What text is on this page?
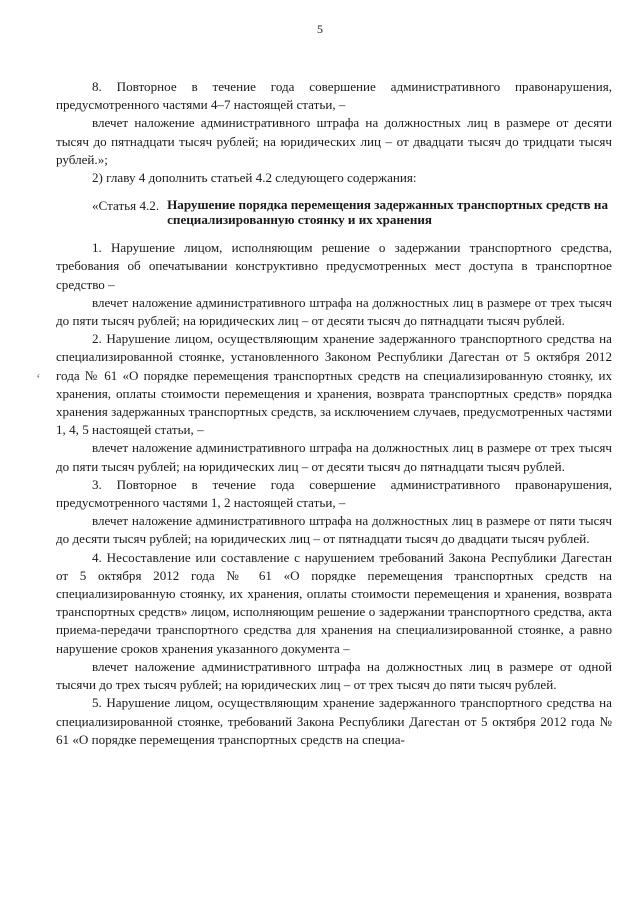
5
‘

8. Повторное в течение года совершение административного правонарушения, предусмотренного частями 4–7 настоящей статьи, –

влечет наложение административного штрафа на должностных лиц в размере от десяти тысяч до пятнадцати тысяч рублей; на юридических лиц – от двадцати тысяч до тридцати тысяч рублей.»;

2) главу 4 дополнить статьей 4.2 следующего содержания:

«Статья 4.2. Нарушение порядка перемещения задержанных транспортных средств на специализированную стоянку и их хранения

1. Нарушение лицом, исполняющим решение о задержании транспортного средства, требования об опечатывании конструктивно предусмотренных мест доступа в транспортное средство –

влечет наложение административного штрафа на должностных лиц в размере от трех тысяч до пяти тысяч рублей; на юридических лиц – от десяти тысяч до пятнадцати тысяч рублей.

2. Нарушение лицом, осуществляющим хранение задержанного транспортного средства на специализированной стоянке, установленного Законом Республики Дагестан от 5 октября 2012 года № 61 «О порядке перемещения транспортных средств на специализированную стоянку, их хранения, оплаты стоимости перемещения и хранения, возврата транспортных средств» порядка хранения задержанных транспортных средств, за исключением случаев, предусмотренных частями 1, 4, 5 настоящей статьи, –

влечет наложение административного штрафа на должностных лиц в размере от трех тысяч до пяти тысяч рублей; на юридических лиц – от десяти тысяч до пятнадцати тысяч рублей.

3. Повторное в течение года совершение административного правонарушения, предусмотренного частями 1, 2 настоящей статьи, –

влечет наложение административного штрафа на должностных лиц в размере от пяти тысяч до десяти тысяч рублей; на юридических лиц – от пятнадцати тысяч до двадцати тысяч рублей.

4. Несоставление или составление с нарушением требований Закона Республики Дагестан от 5 октября 2012 года № 61 «О порядке перемещения транспортных средств на специализированную стоянку, их хранения, оплаты стоимости перемещения и хранения, возврата транспортных средств» лицом, исполняющим решение о задержании транспортного средства, акта приема-передачи транспортного средства для хранения на специализированной стоянке, а равно нарушение сроков хранения указанного документа –

влечет наложение административного штрафа на должностных лиц в размере от одной тысячи до трех тысяч рублей; на юридических лиц – от трех тысяч до пяти тысяч рублей.

5. Нарушение лицом, осуществляющим хранение задержанного транспортного средства на специализированной стоянке, требований Закона Республики Дагестан от 5 октября 2012 года № 61 «О порядке перемещения транспортных средств на специа-
